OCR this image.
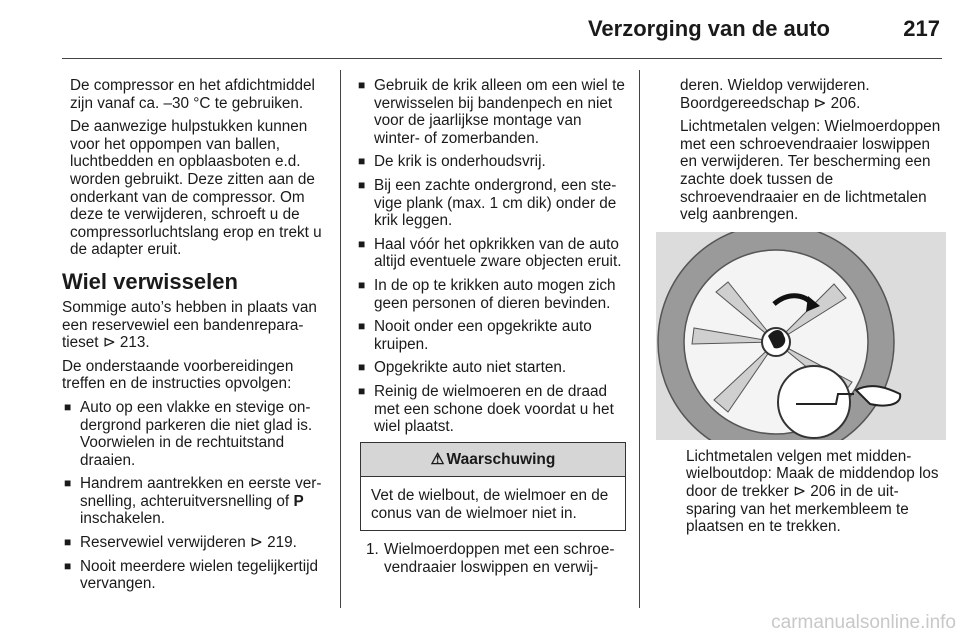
Verzorging van de auto	217

De compressor en het afdichtmiddel zijn vanaf ca. –30 °C te gebruiken.

De aanwezige hulpstukken kunnen voor het oppompen van ballen, luchtbedden en opblaasboten e.d. worden gebruikt. Deze zitten aan de onderkant van de compressor. Om deze te verwijderen, schroeft u de compressorluchtslang erop en trekt u de adapter eruit.

Wiel verwisselen

Sommige auto’s hebben in plaats van een reservewiel een bandenreparatieset ⊳ 213.

De onderstaande voorbereidingen treffen en de instructies opvolgen:

■ Auto op een vlakke en stevige ondergrond parkeren die niet glad is. Voorwielen in de rechtuitstand draaien.
■ Handrem aantrekken en eerste versnelling, achteruitversnelling of P inschakelen.
■ Reservewiel verwijderen ⊳ 219.
■ Nooit meerdere wielen tegelijkertijd vervangen.
■ Gebruik de krik alleen om een wiel te verwisselen bij bandenpech en niet voor de jaarlijkse montage van winter- of zomerbanden.
■ De krik is onderhoudsvrij.
■ Bij een zachte ondergrond, een stevige plank (max. 1 cm dik) onder de krik leggen.
■ Haal vóór het opkrikken van de auto altijd eventuele zware objecten eruit.
■ In de op te krikken auto mogen zich geen personen of dieren bevinden.
■ Nooit onder een opgekrikte auto kruipen.
■ Opgekrikte auto niet starten.
■ Reinig de wielmoeren en de draad met een schone doek voordat u het wiel plaatst.
⚠ Waarschuwing
Vet de wielbout, de wielmoer en de conus van de wielmoer niet in.
1. Wielmoerdoppen met een schroevendraaier loswippen en verwij-

deren. Wieldop verwijderen. Boordgereedschap ⊳ 206.

Lichtmetalen velgen: Wielmoerdoppen met een schroevendraaier loswippen en verwijderen. Ter bescherming een zachte doek tussen de schroevendraaier en de lichtmetalen velg aanbrengen.

Lichtmetalen velgen met middenwielboutdop: Maak de middendop los door de trekker ⊳ 206 in de uitsparing van het merkembleem te plaatsen en te trekken.

carmanualsonline.info
